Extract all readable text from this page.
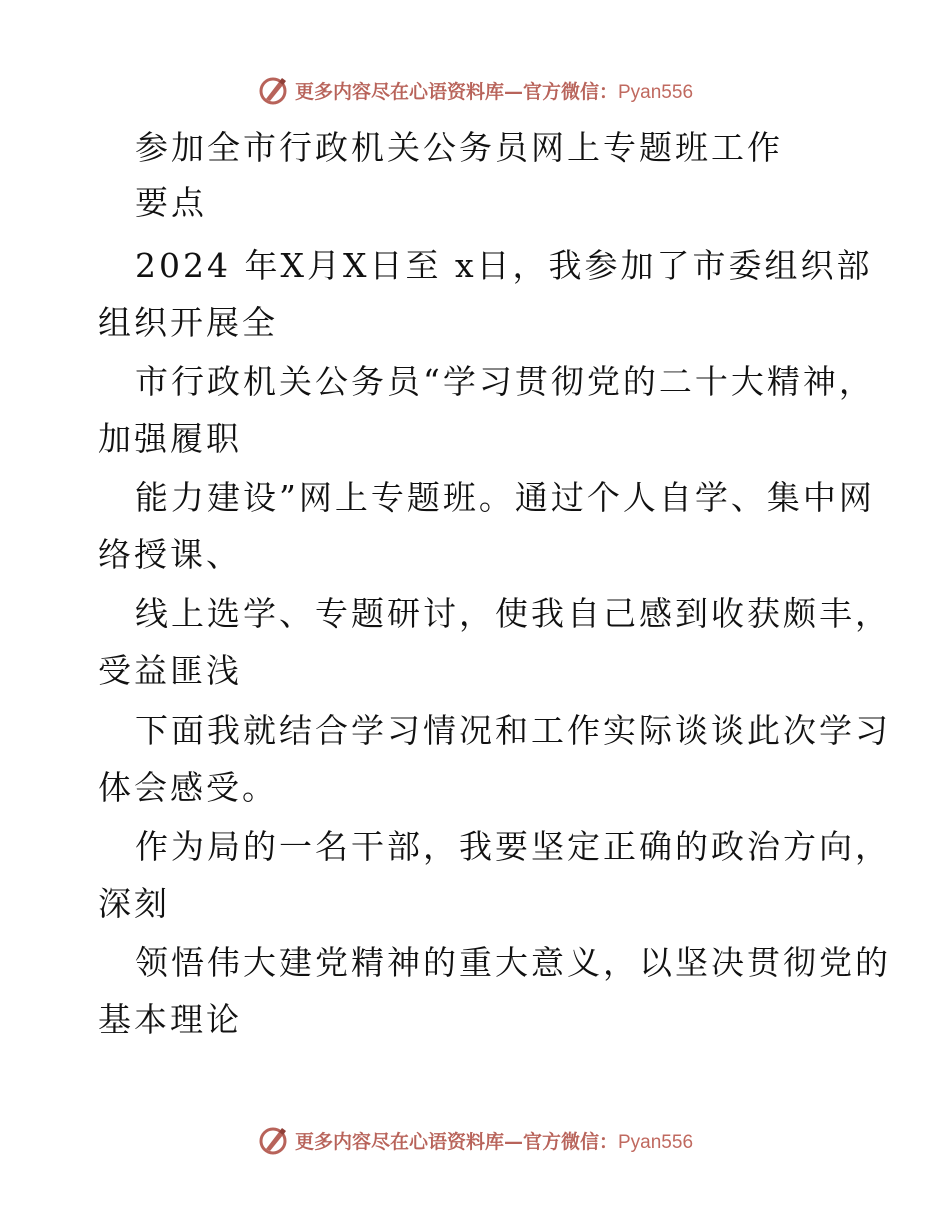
更多内容尽在心语资料库—官方微信：Pyan556
参加全市行政机关公务员网上专题班工作
要点
2024 年X月X日至 x日，我参加了市委组织部
组织开展全
市行政机关公务员“学习贯彻党的二十大精神，
加强履职
能力建设”网上专题班。通过个人自学、集中网
络授课、
线上选学、专题研讨，使我自己感到收获颇丰，
受益匪浅
下面我就结合学习情况和工作实际谈谈此次学习
体会感受。
作为局的一名干部，我要坚定正确的政治方向，
深刻
领悟伟大建党精神的重大意义，以坚决贯彻党的
基本理论
更多内容尽在心语资料库—官方微信：Pyan556
